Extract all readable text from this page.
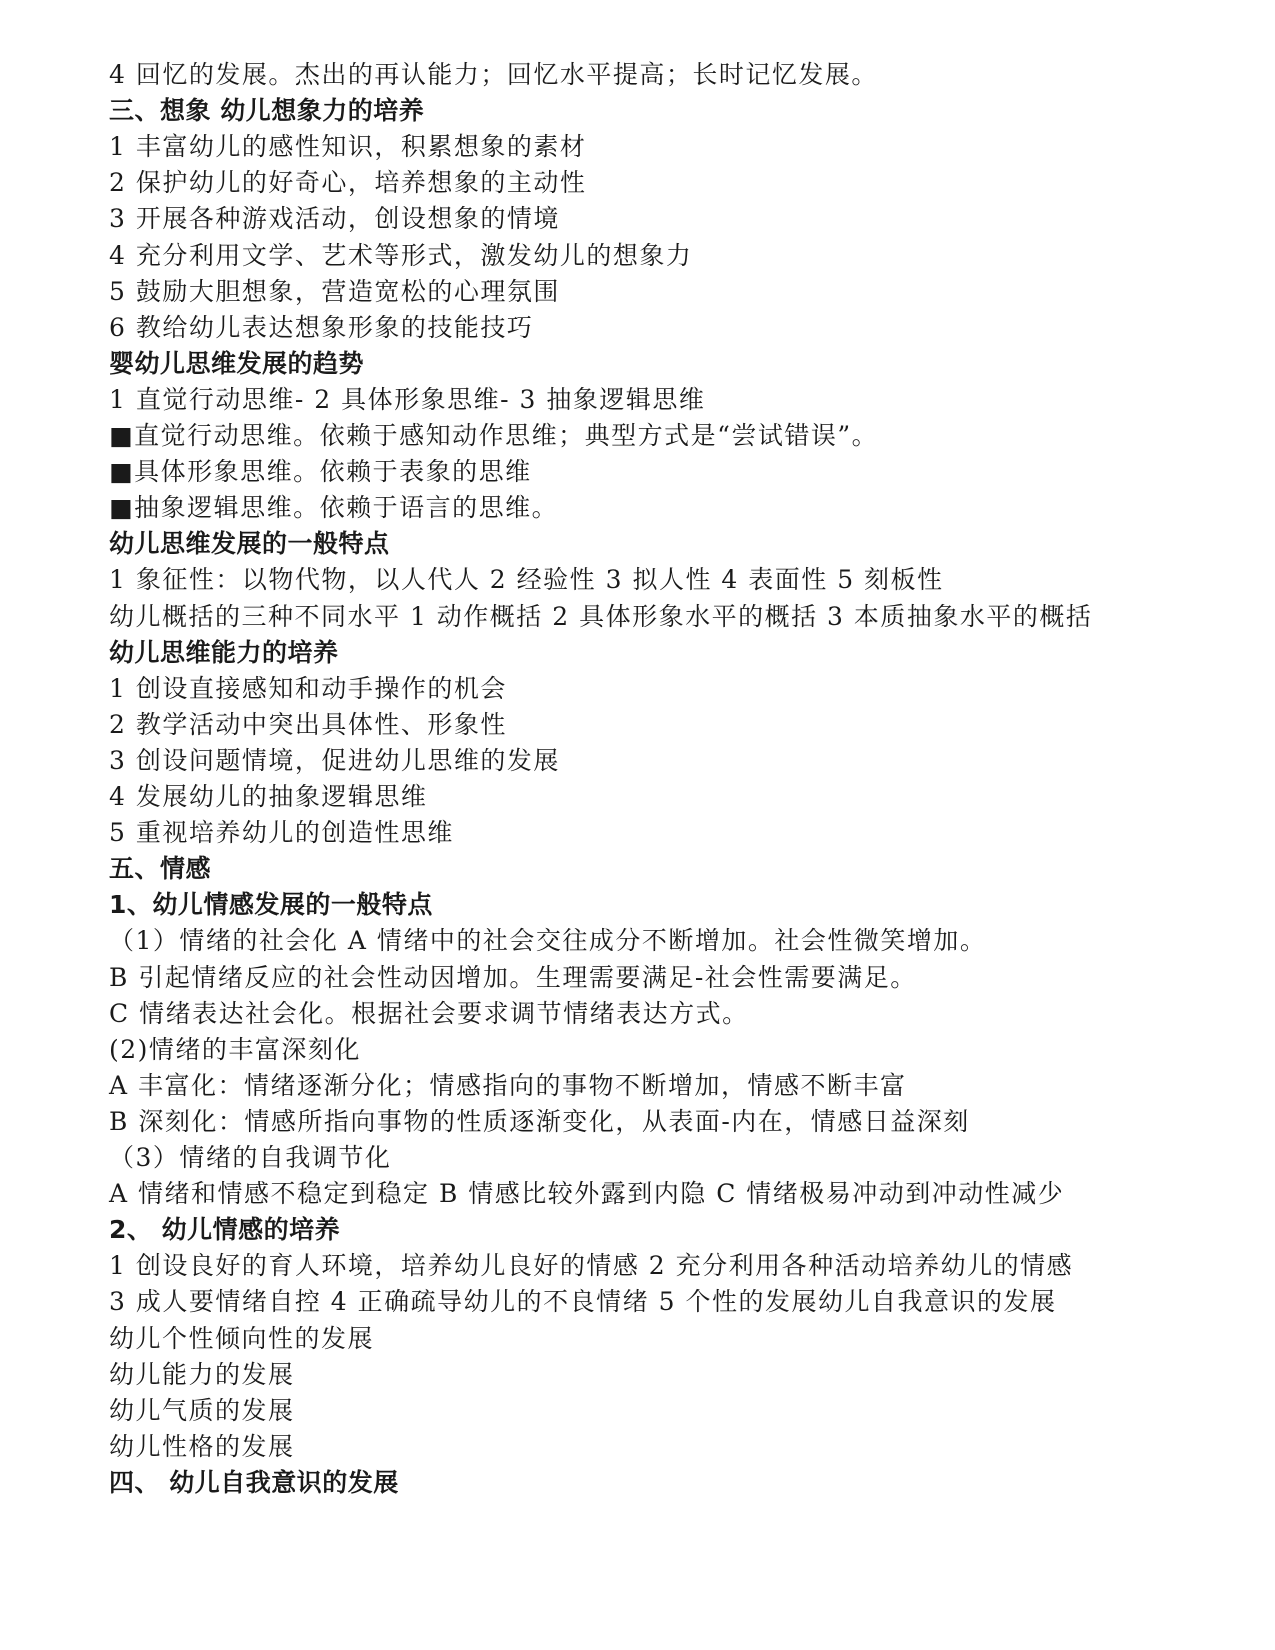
4 回忆的发展。杰出的再认能力；回忆水平提高；长时记忆发展。
三、想象 幼儿想象力的培养
1 丰富幼儿的感性知识，积累想象的素材
2 保护幼儿的好奇心，培养想象的主动性
3 开展各种游戏活动，创设想象的情境
4 充分利用文学、艺术等形式，激发幼儿的想象力
5 鼓励大胆想象，营造宽松的心理氛围
6 教给幼儿表达想象形象的技能技巧
婴幼儿思维发展的趋势
1 直觉行动思维- 2 具体形象思维- 3 抽象逻辑思维
■直觉行动思维。依赖于感知动作思维；典型方式是“尝试错误”。
■具体形象思维。依赖于表象的思维
■抽象逻辑思维。依赖于语言的思维。
幼儿思维发展的一般特点
1 象征性：以物代物，以人代人 2 经验性 3 拟人性 4 表面性 5 刻板性
幼儿概括的三种不同水平 1 动作概括 2 具体形象水平的概括 3 本质抽象水平的概括
幼儿思维能力的培养
1 创设直接感知和动手操作的机会
2 教学活动中突出具体性、形象性
3 创设问题情境，促进幼儿思维的发展
4 发展幼儿的抽象逻辑思维
5 重视培养幼儿的创造性思维
五、情感
1、幼儿情感发展的一般特点
（1）情绪的社会化 A 情绪中的社会交往成分不断增加。社会性微笑增加。
B 引起情绪反应的社会性动因增加。生理需要满足-社会性需要满足。
C 情绪表达社会化。根据社会要求调节情绪表达方式。
(2)情绪的丰富深刻化
A 丰富化：情绪逐渐分化；情感指向的事物不断增加，情感不断丰富
B 深刻化：情感所指向事物的性质逐渐变化，从表面-内在，情感日益深刻
（3）情绪的自我调节化
A 情绪和情感不稳定到稳定 B 情感比较外露到内隐 C 情绪极易冲动到冲动性减少
2、 幼儿情感的培养
1 创设良好的育人环境，培养幼儿良好的情感 2 充分利用各种活动培养幼儿的情感
3 成人要情绪自控 4 正确疏导幼儿的不良情绪 5 个性的发展幼儿自我意识的发展
幼儿个性倾向性的发展
幼儿能力的发展
幼儿气质的发展
幼儿性格的发展
四、 幼儿自我意识的发展
